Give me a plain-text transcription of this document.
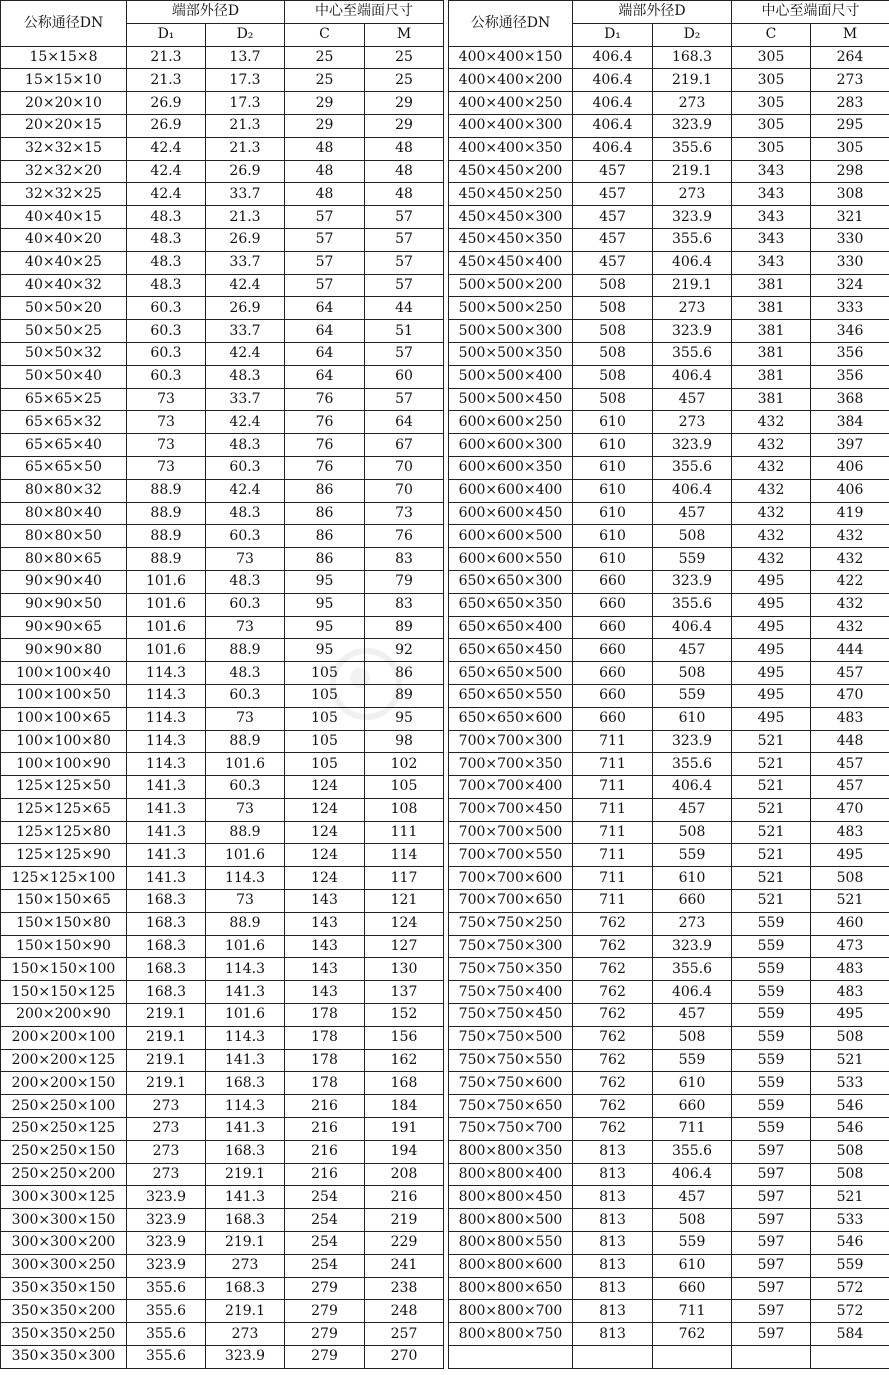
公称通径DN	端部外径D		中心至端面尺寸	
	D₁	D₂	C	M
15×15×8	21.3	13.7	25	25
15×15×10	21.3	17.3	25	25
20×20×10	26.9	17.3	29	29
20×20×15	26.9	21.3	29	29
32×32×15	42.4	21.3	48	48
32×32×20	42.4	26.9	48	48
32×32×25	42.4	33.7	48	48
40×40×15	48.3	21.3	57	57
40×40×20	48.3	26.9	57	57
40×40×25	48.3	33.7	57	57
40×40×32	48.3	42.4	57	57
50×50×20	60.3	26.9	64	44
50×50×25	60.3	33.7	64	51
50×50×32	60.3	42.4	64	57
50×50×40	60.3	48.3	64	60
65×65×25	73	33.7	76	57
65×65×32	73	42.4	76	64
65×65×40	73	48.3	76	67
65×65×50	73	60.3	76	70
80×80×32	88.9	42.4	86	70
80×80×40	88.9	48.3	86	73
80×80×50	88.9	60.3	86	76
80×80×65	88.9	73	86	83
90×90×40	101.6	48.3	95	79
90×90×50	101.6	60.3	95	83
90×90×65	101.6	73	95	89
90×90×80	101.6	88.9	95	92
100×100×40	114.3	48.3	105	86
100×100×50	114.3	60.3	105	89
100×100×65	114.3	73	105	95
100×100×80	114.3	88.9	105	98
100×100×90	114.3	101.6	105	102
125×125×50	141.3	60.3	124	105
125×125×65	141.3	73	124	108
125×125×80	141.3	88.9	124	111
125×125×90	141.3	101.6	124	114
125×125×100	141.3	114.3	124	117
150×150×65	168.3	73	143	121
150×150×80	168.3	88.9	143	124
150×150×90	168.3	101.6	143	127
150×150×100	168.3	114.3	143	130
150×150×125	168.3	141.3	143	137
200×200×90	219.1	101.6	178	152
200×200×100	219.1	114.3	178	156
200×200×125	219.1	141.3	178	162
200×200×150	219.1	168.3	178	168
250×250×100	273	114.3	216	184
250×250×125	273	141.3	216	191
250×250×150	273	168.3	216	194
250×250×200	273	219.1	216	208
300×300×125	323.9	141.3	254	216
300×300×150	323.9	168.3	254	219
300×300×200	323.9	219.1	254	229
300×300×250	323.9	273	254	241
350×350×150	355.6	168.3	279	238
350×350×200	355.6	219.1	279	248
350×350×250	355.6	273	279	257
350×350×300	355.6	323.9	279	270
公称通径DN	端部外径D		中心至端面尺寸	
	D₁	D₂	C	M
400×400×150	406.4	168.3	305	264
400×400×200	406.4	219.1	305	273
400×400×250	406.4	273	305	283
400×400×300	406.4	323.9	305	295
400×400×350	406.4	355.6	305	305
450×450×200	457	219.1	343	298
450×450×250	457	273	343	308
450×450×300	457	323.9	343	321
450×450×350	457	355.6	343	330
450×450×400	457	406.4	343	330
500×500×200	508	219.1	381	324
500×500×250	508	273	381	333
500×500×300	508	323.9	381	346
500×500×350	508	355.6	381	356
500×500×400	508	406.4	381	356
500×500×450	508	457	381	368
600×600×250	610	273	432	384
600×600×300	610	323.9	432	397
600×600×350	610	355.6	432	406
600×600×400	610	406.4	432	406
600×600×450	610	457	432	419
600×600×500	610	508	432	432
600×600×550	610	559	432	432
650×650×300	660	323.9	495	422
650×650×350	660	355.6	495	432
650×650×400	660	406.4	495	432
650×650×450	660	457	495	444
650×650×500	660	508	495	457
650×650×550	660	559	495	470
650×650×600	660	610	495	483
700×700×300	711	323.9	521	448
700×700×350	711	355.6	521	457
700×700×400	711	406.4	521	457
700×700×450	711	457	521	470
700×700×500	711	508	521	483
700×700×550	711	559	521	495
700×700×600	711	610	521	508
700×700×650	711	660	521	521
750×750×250	762	273	559	460
750×750×300	762	323.9	559	473
750×750×350	762	355.6	559	483
750×750×400	762	406.4	559	483
750×750×450	762	457	559	495
750×750×500	762	508	559	508
750×750×550	762	559	559	521
750×750×600	762	610	559	533
750×750×650	762	660	559	546
750×750×700	762	711	559	546
800×800×350	813	355.6	597	508
800×800×400	813	406.4	597	508
800×800×450	813	457	597	521
800×800×500	813	508	597	533
800×800×550	813	559	597	546
800×800×600	813	610	597	559
800×800×650	813	660	597	572
800×800×700	813	711	597	572
800×800×750	813	762	597	584
